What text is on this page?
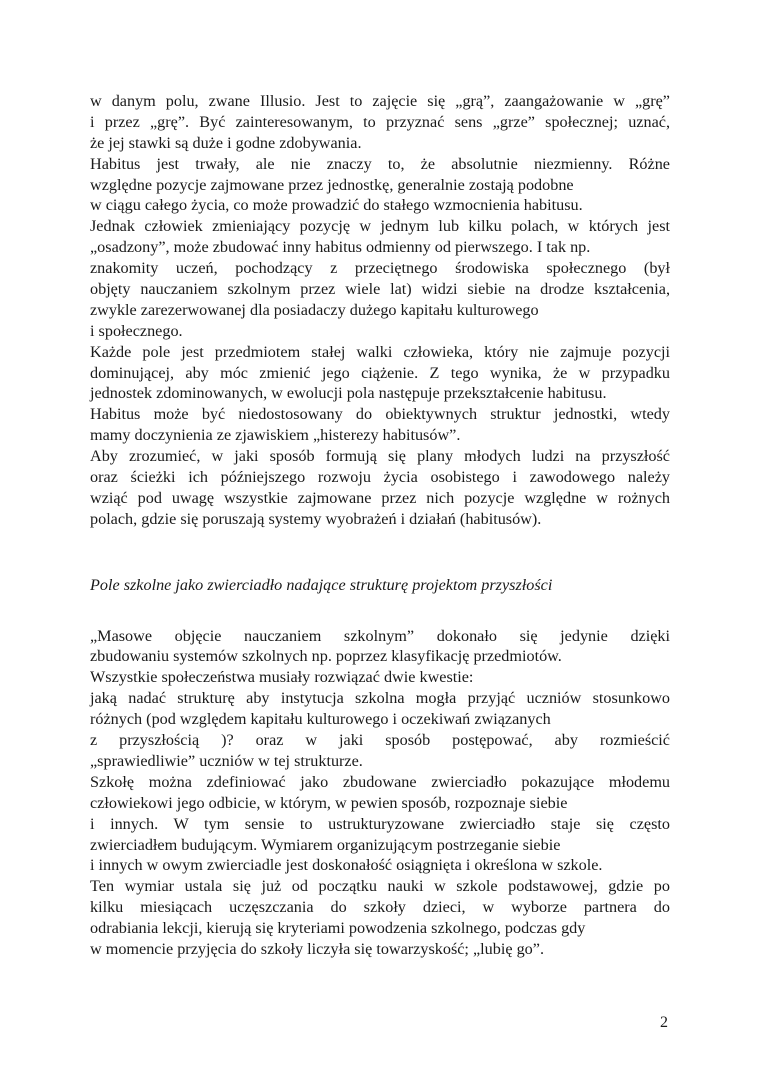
w danym polu, zwane Illusio. Jest to zajęcie się „grą”, zaangażowanie w „grę”
i przez „grę”. Być zainteresowanym, to przyznać sens „grze” społecznej; uznać,
że jej stawki są duże i godne zdobywania.
Habitus jest trwały, ale nie znaczy to, że absolutnie niezmienny. Różne
względne pozycje zajmowane przez jednostkę, generalnie zostają podobne
w ciągu całego życia, co może prowadzić do stałego wzmocnienia habitusu.
Jednak człowiek zmieniający pozycję w jednym lub kilku polach, w których jest
„osadzony”, może zbudować inny habitus odmienny od pierwszego. I tak np.
znakomity uczeń, pochodzący z przeciętnego środowiska społecznego (był
objęty nauczaniem szkolnym przez wiele lat) widzi siebie na drodze kształcenia,
zwykle zarezerwowanej dla posiadaczy dużego kapitału kulturowego
i społecznego.
Każde pole jest przedmiotem stałej walki człowieka, który nie zajmuje pozycji
dominującej, aby móc zmienić jego ciążenie. Z tego wynika, że w przypadku
jednostek zdominowanych, w ewolucji pola następuje przekształcenie habitusu.
Habitus może być niedostosowany do obiektywnych struktur jednostki, wtedy
mamy doczynienia ze zjawiskiem „histerezy habitusów”.
Aby zrozumieć, w jaki sposób formują się plany młodych ludzi na przyszłość
oraz ścieżki ich późniejszego rozwoju życia osobistego i zawodowego należy
wziąć pod uwagę wszystkie zajmowane przez nich pozycje względne w rożnych
polach, gdzie się poruszają systemy wyobrażeń i działań (habitusów).
Pole szkolne jako zwierciadło nadające strukturę projektom przyszłości
„Masowe objęcie nauczaniem szkolnym” dokonało się jedynie dzięki
zbudowaniu systemów szkolnych np. poprzez klasyfikację przedmiotów.
Wszystkie społeczeństwa musiały rozwiązać dwie kwestie:
jaką nadać strukturę aby instytucja szkolna mogła przyjąć uczniów stosunkowo
różnych (pod względem kapitału kulturowego i oczekiwań związanych
z przyszłością )? oraz w jaki sposób postępować, aby rozmieścić
„sprawiedliwie” uczniów w tej strukturze.
Szkołę można zdefiniować jako zbudowane zwierciadło pokazujące młodemu
człowiekowi jego odbicie, w którym, w pewien sposób, rozpoznaje siebie
i innych. W tym sensie to ustrukturyzowane zwierciadło staje się często
zwierciadłem budującym. Wymiarem organizującym postrzeganie siebie
i innych w owym zwierciadle jest doskonałość osiągnięta i określona w szkole.
Ten wymiar ustala się już od początku nauki w szkole podstawowej, gdzie po
kilku miesiącach uczęszczania do szkoły dzieci, w wyborze partnera do
odrabiania lekcji, kierują się kryteriami powodzenia szkolnego, podczas gdy
w momencie przyjęcia do szkoły liczyła się towarzyskość; „lubię go”.
2
